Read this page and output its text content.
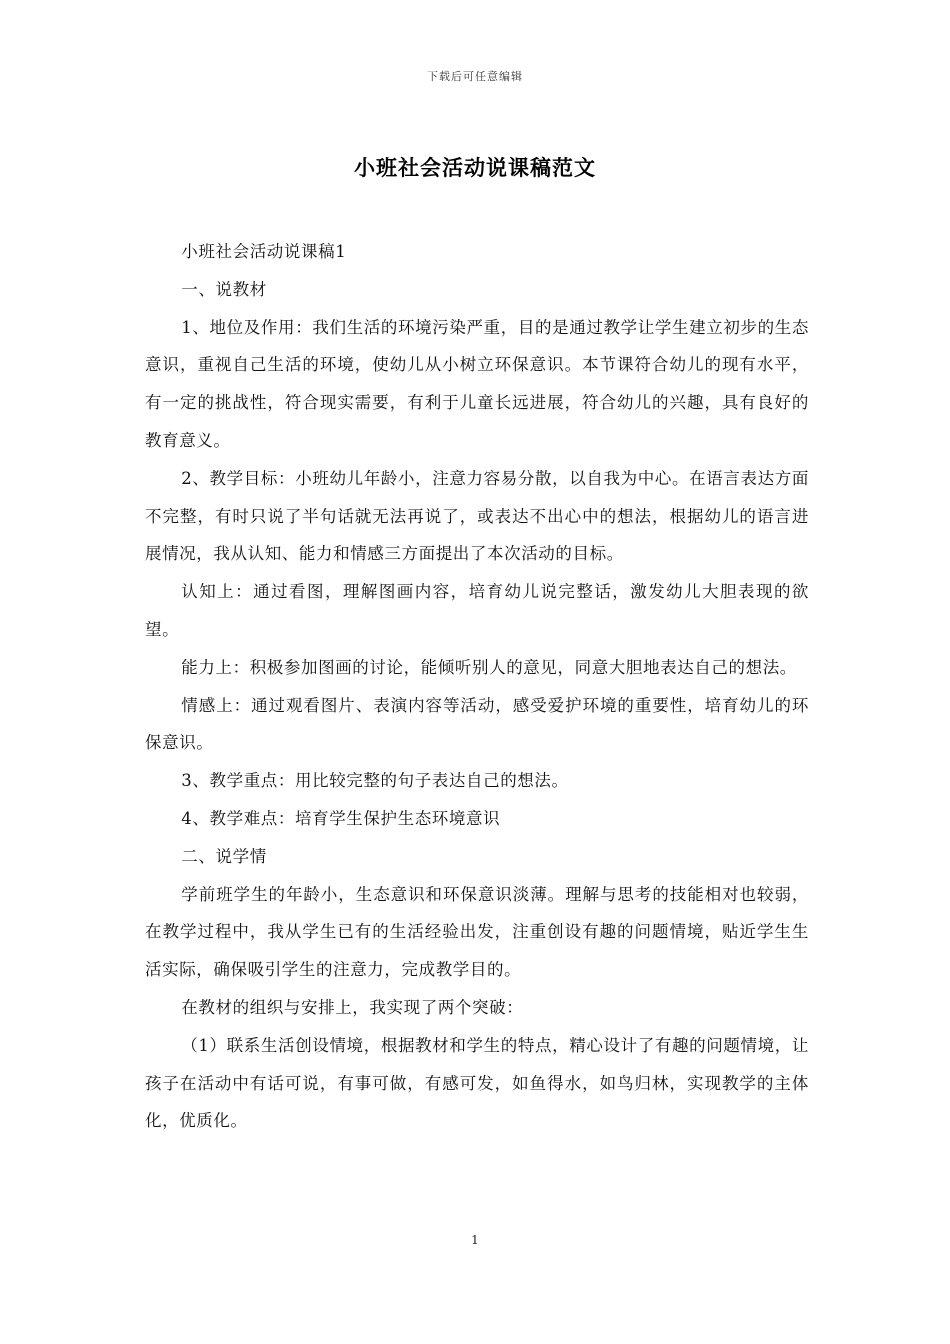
下载后可任意编辑
小班社会活动说课稿范文

小班社会活动说课稿1

一、说教材

1、地位及作用：我们生活的环境污染严重，目的是通过教学让学生建立初步的生态意识，重视自己生活的环境，使幼儿从小树立环保意识。本节课符合幼儿的现有水平，有一定的挑战性，符合现实需要，有利于儿童长远进展，符合幼儿的兴趣，具有良好的教育意义。

2、教学目标：小班幼儿年龄小，注意力容易分散，以自我为中心。在语言表达方面不完整，有时只说了半句话就无法再说了，或表达不出心中的想法，根据幼儿的语言进展情况，我从认知、能力和情感三方面提出了本次活动的目标。

认知上：通过看图，理解图画内容，培育幼儿说完整话，激发幼儿大胆表现的欲望。

能力上：积极参加图画的讨论，能倾听别人的意见，同意大胆地表达自己的想法。

情感上：通过观看图片、表演内容等活动，感受爱护环境的重要性，培育幼儿的环保意识。

3、教学重点：用比较完整的句子表达自己的想法。

4、教学难点：培育学生保护生态环境意识

二、说学情

学前班学生的年龄小，生态意识和环保意识淡薄。理解与思考的技能相对也较弱，在教学过程中，我从学生已有的生活经验出发，注重创设有趣的问题情境，贴近学生生活实际，确保吸引学生的注意力，完成教学目的。

在教材的组织与安排上，我实现了两个突破：

（1）联系生活创设情境，根据教材和学生的特点，精心设计了有趣的问题情境，让孩子在活动中有话可说，有事可做，有感可发，如鱼得水，如鸟归林，实现教学的主体化，优质化。

1
